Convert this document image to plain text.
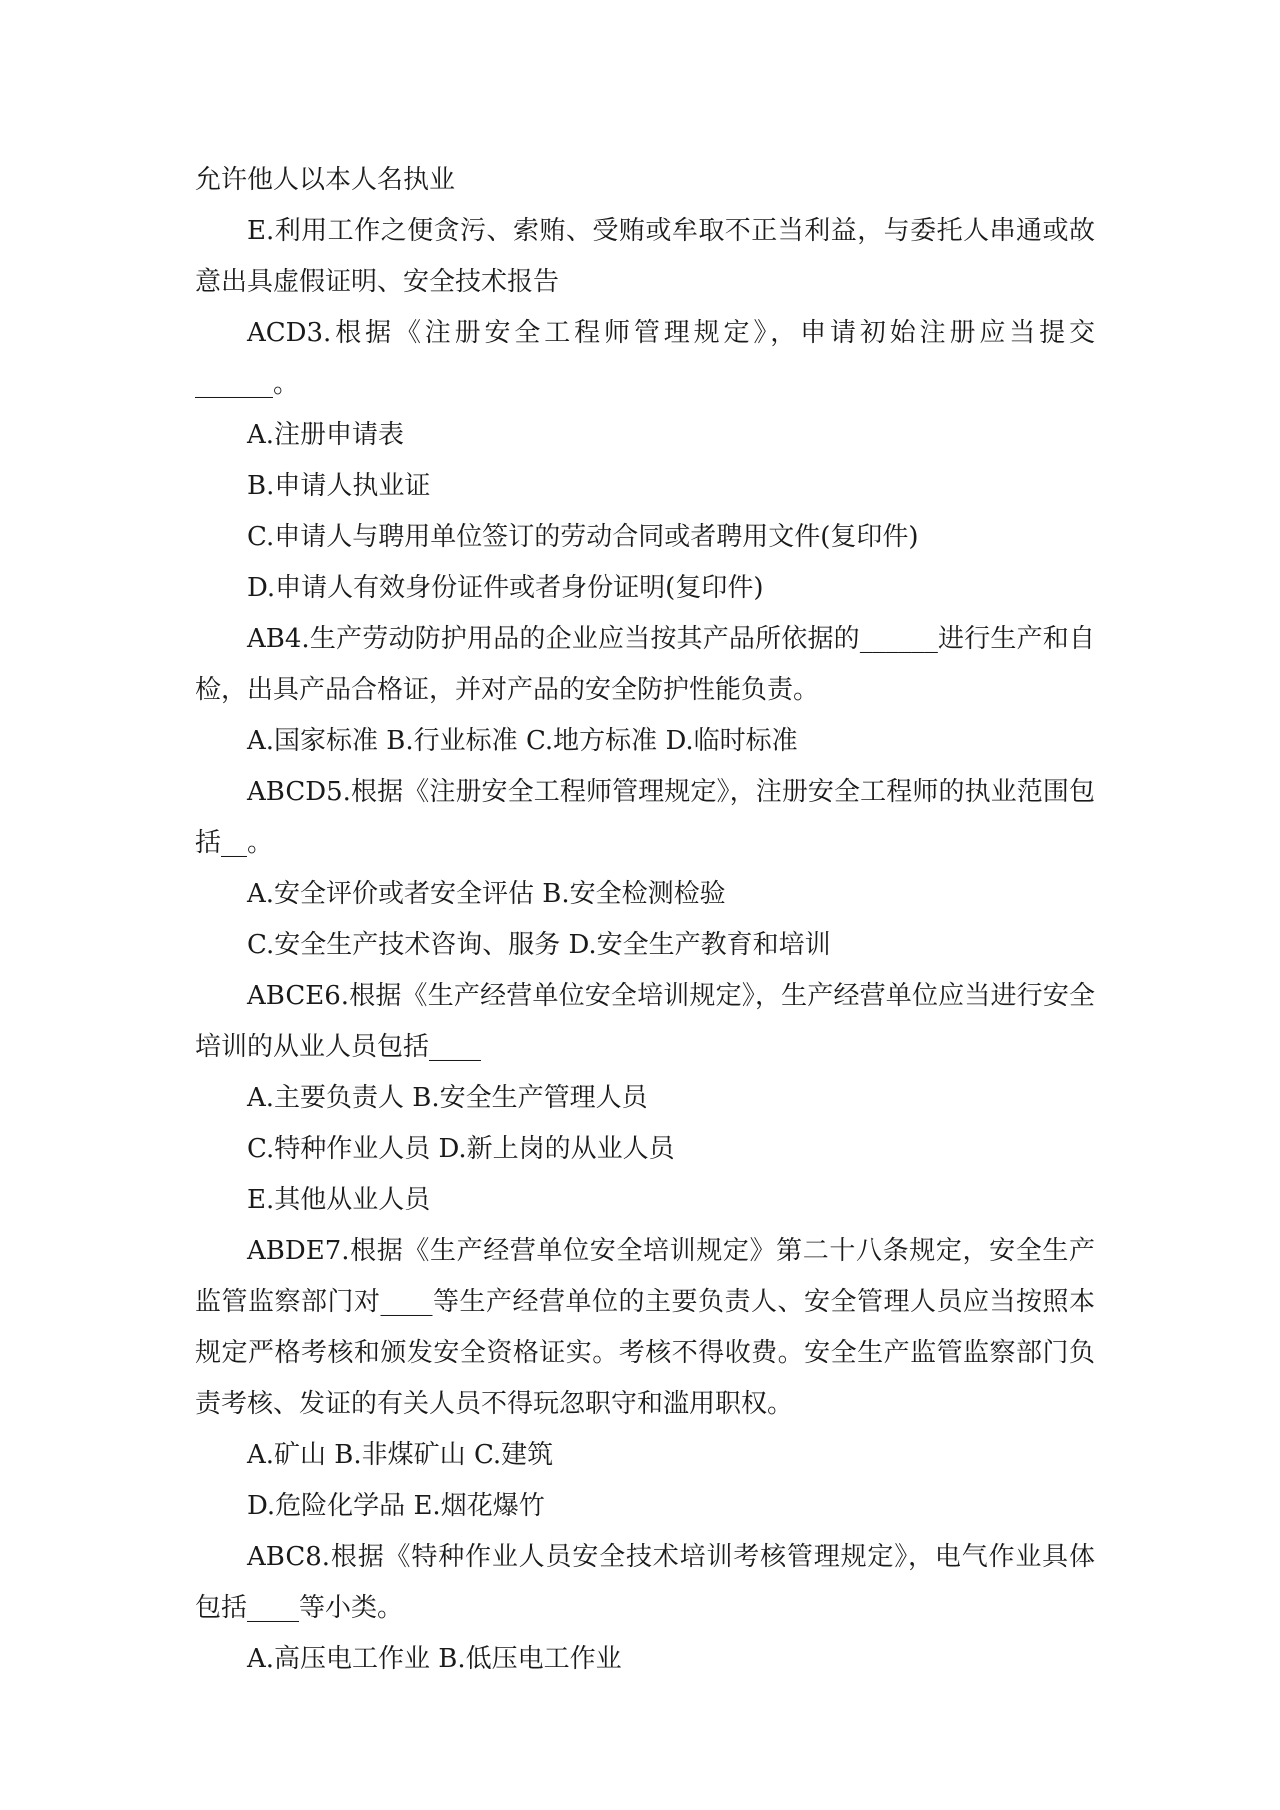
允许他人以本人名执业

E.利用工作之便贪污、索贿、受贿或牟取不正当利益，与委托人串通或故意出具虚假证明、安全技术报告

ACD3.根据《注册安全工程师管理规定》，申请初始注册应当提交______。

A.注册申请表

B.申请人执业证

C.申请人与聘用单位签订的劳动合同或者聘用文件(复印件)

D.申请人有效身份证件或者身份证明(复印件)

AB4.生产劳动防护用品的企业应当按其产品所依据的______进行生产和自检，出具产品合格证，并对产品的安全防护性能负责。

A.国家标准 B.行业标准 C.地方标准 D.临时标准

ABCD5.根据《注册安全工程师管理规定》，注册安全工程师的执业范围包括__。

A.安全评价或者安全评估 B.安全检测检验

C.安全生产技术咨询、服务 D.安全生产教育和培训

ABCE6.根据《生产经营单位安全培训规定》，生产经营单位应当进行安全培训的从业人员包括____

A.主要负责人 B.安全生产管理人员

C.特种作业人员 D.新上岗的从业人员

E.其他从业人员

ABDE7.根据《生产经营单位安全培训规定》第二十八条规定，安全生产监管监察部门对____等生产经营单位的主要负责人、安全管理人员应当按照本规定严格考核和颁发安全资格证实。考核不得收费。安全生产监管监察部门负责考核、发证的有关人员不得玩忽职守和滥用职权。

A.矿山 B.非煤矿山 C.建筑

D.危险化学品 E.烟花爆竹

ABC8.根据《特种作业人员安全技术培训考核管理规定》，电气作业具体包括____等小类。

A.高压电工作业 B.低压电工作业
